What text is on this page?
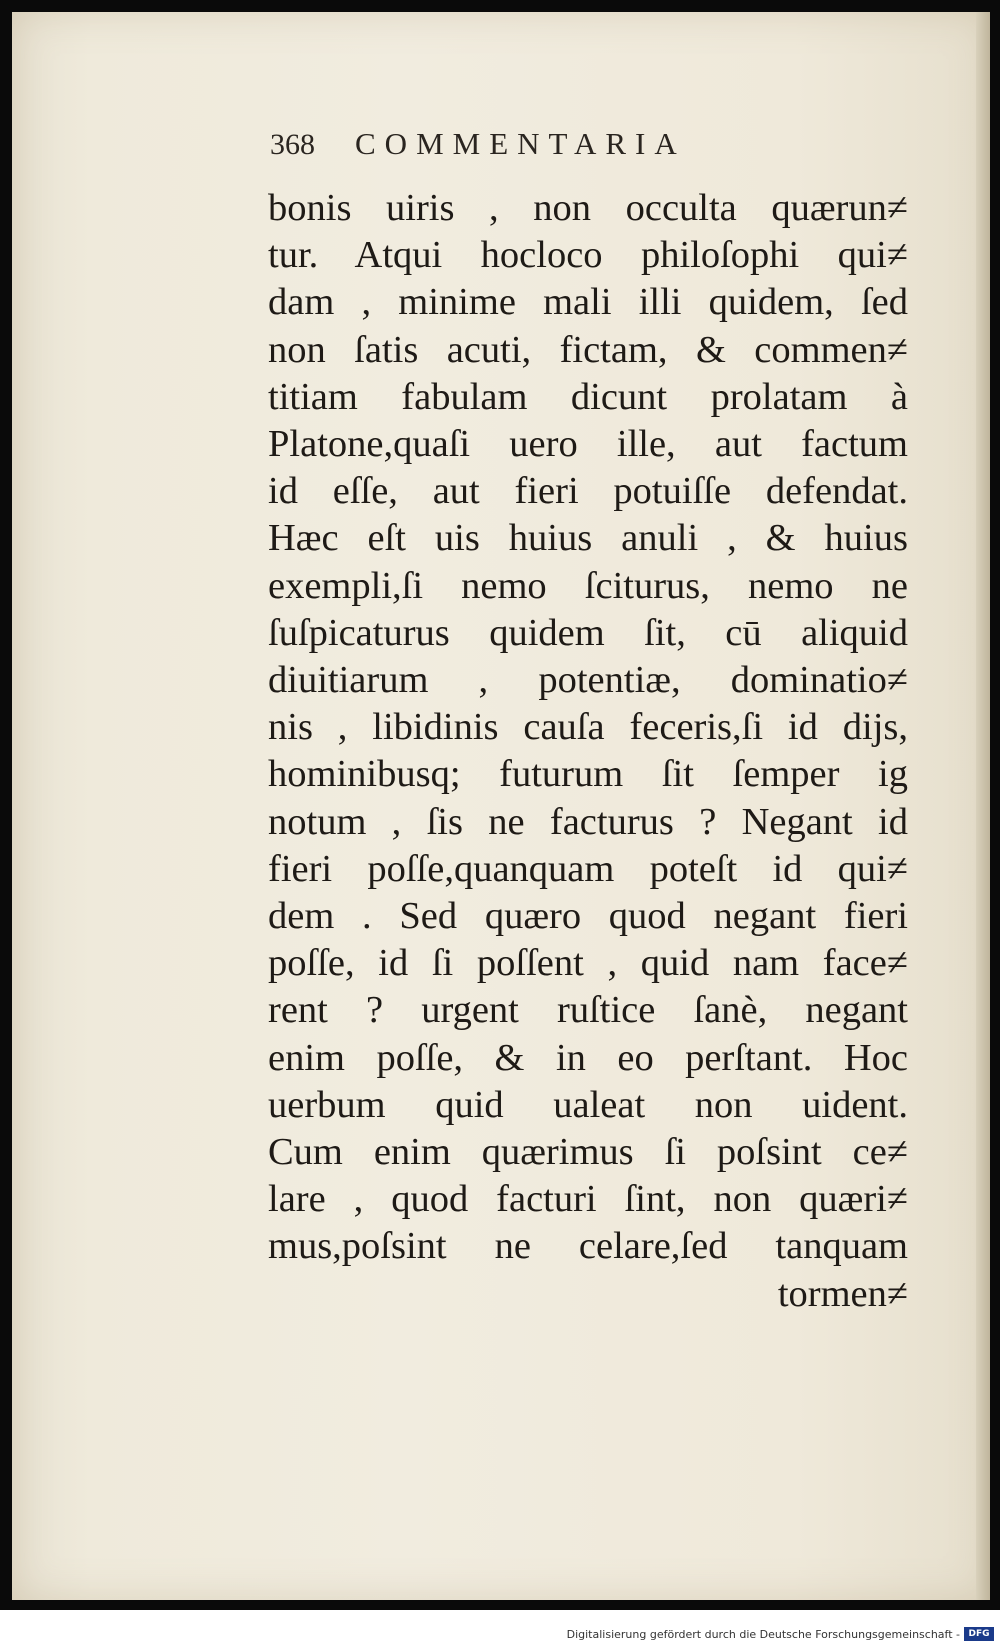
368 COMMENTARIA
bonis uiris , non occulta quærun≠
tur. Atqui hocloco philoſophi qui≠
dam , minime mali illi quidem, ſed
non ſatis acuti, fictam, & commen≠
titiam fabulam dicunt prolatam à
Platone,quaſi uero ille, aut factum
id eſſe, aut fieri potuiſſe defendat.
Hæc eſt uis huius anuli , & huius
exempli,ſi nemo ſciturus, nemo ne
ſuſpicaturus quidem ſit, cū aliquid
diuitiarum , potentiæ, dominatio≠
nis , libidinis cauſa feceris,ſi id dijs,
hominibusq; futurum ſit ſemper ig
notum , ſis ne facturus ? Negant id
fieri poſſe,quanquam poteſt id qui≠
dem . Sed quæro quod negant fieri
poſſe, id ſi poſſent , quid nam face≠
rent ? urgent ruſtice ſanè, negant
enim poſſe, & in eo perſtant. Hoc
uerbum quid ualeat non uident.
Cum enim quærimus ſi poſsint ce≠
lare , quod facturi ſint, non quæri≠
mus,poſsint ne celare,ſed tanquam
tormen≠
Digitalisierung gefördert durch die Deutsche Forschungsgemeinschaft - DFG
